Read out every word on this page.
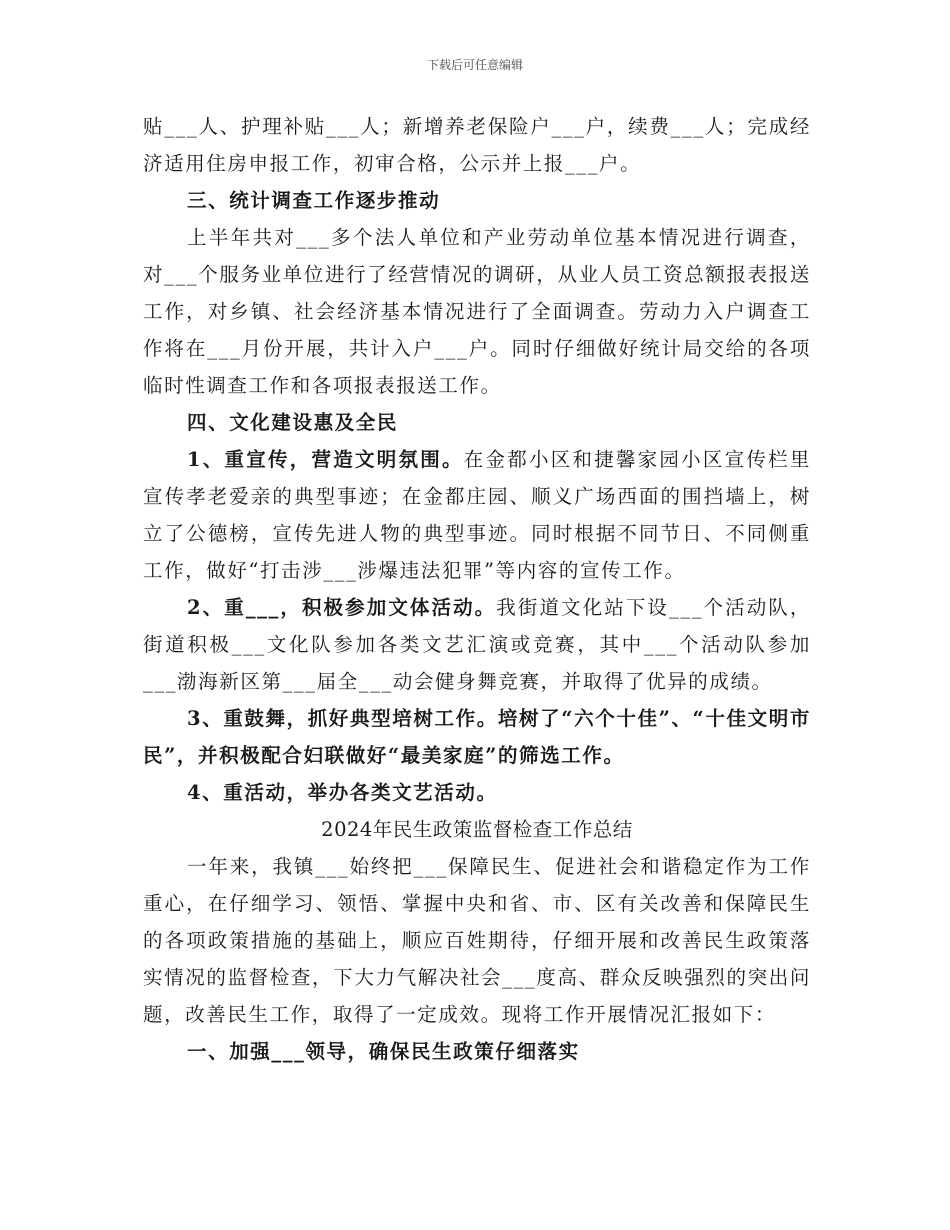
下载后可任意编辑

贴___人、护理补贴___人；新增养老保险户___户，续费___人；完成经济适用住房申报工作，初审合格，公示并上报___户。

三、统计调查工作逐步推动

上半年共对___多个法人单位和产业劳动单位基本情况进行调查，对___个服务业单位进行了经营情况的调研，从业人员工资总额报表报送工作，对乡镇、社会经济基本情况进行了全面调查。劳动力入户调查工作将在___月份开展，共计入户___户。同时仔细做好统计局交给的各项临时性调查工作和各项报表报送工作。

四、文化建设惠及全民

1、重宣传，营造文明氛围。在金都小区和捷馨家园小区宣传栏里宣传孝老爱亲的典型事迹；在金都庄园、顺义广场西面的围挡墙上，树立了公德榜，宣传先进人物的典型事迹。同时根据不同节日、不同侧重工作，做好“打击涉___涉爆违法犯罪”等内容的宣传工作。

2、重___，积极参加文体活动。我街道文化站下设___个活动队，街道积极___文化队参加各类文艺汇演或竞赛，其中___个活动队参加___渤海新区第___届全___动会健身舞竞赛，并取得了优异的成绩。

3、重鼓舞，抓好典型培树工作。培树了“六个十佳”、“十佳文明市民”，并积极配合妇联做好“最美家庭”的筛选工作。

4、重活动，举办各类文艺活动。

2024年民生政策监督检查工作总结

一年来，我镇___始终把___保障民生、促进社会和谐稳定作为工作重心，在仔细学习、领悟、掌握中央和省、市、区有关改善和保障民生的各项政策措施的基础上，顺应百姓期待，仔细开展和改善民生政策落实情况的监督检查，下大力气解决社会___度高、群众反映强烈的突出问题，改善民生工作，取得了一定成效。现将工作开展情况汇报如下：

一、加强___领导，确保民生政策仔细落实
